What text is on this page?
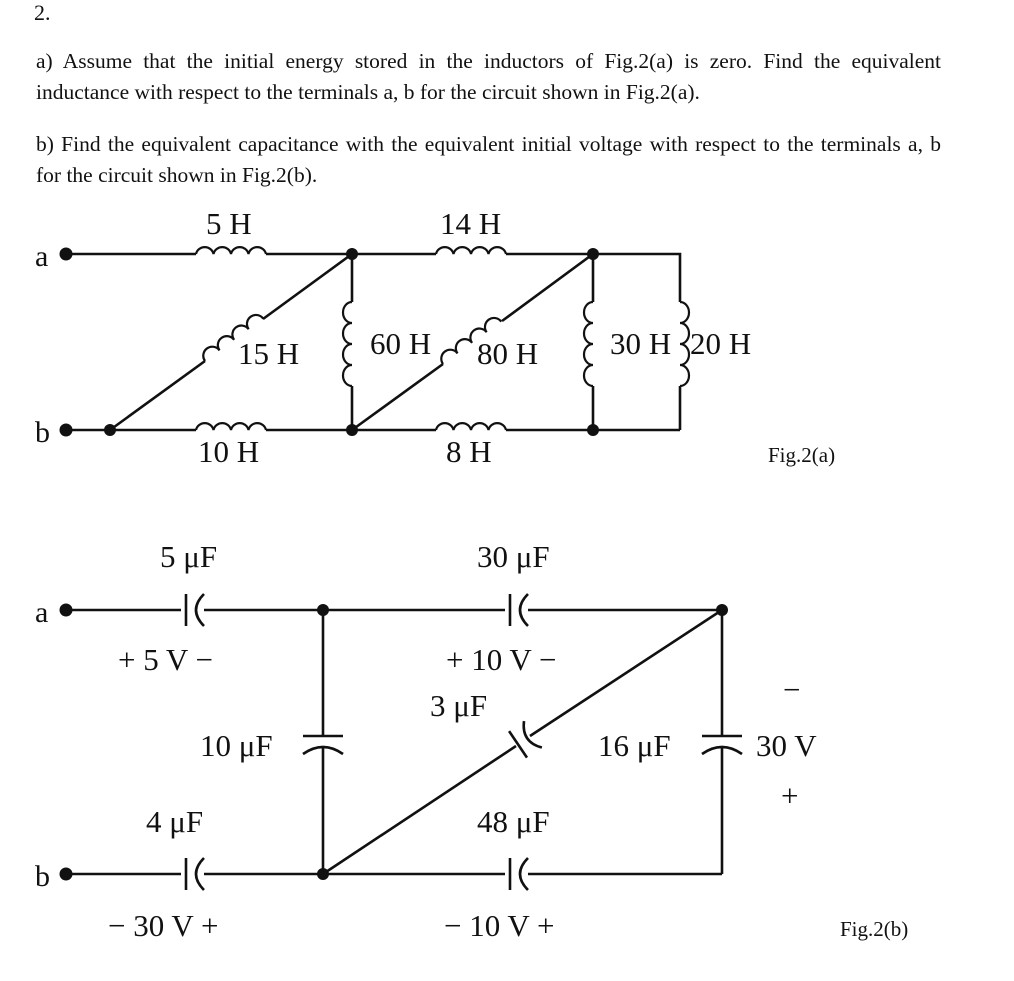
2.
a) Assume that the initial energy stored in the inductors of Fig.2(a) is zero. Find the equivalent inductance with respect to the terminals a, b for the circuit shown in Fig.2(a).
b) Find the equivalent capacitance with the equivalent initial voltage with respect to the terminals a, b for the circuit shown in Fig.2(b).
a
b
5 H	14 H
15 H 60 H 80 H 30 H 20 H
10 H	8 H	Fig.2(a)
a
b
5 μF	30 μF
+ 5 V −	+ 10 V −
3 μF
10 μF	16 μF
−
30 V
+
4 μF	48 μF
− 30 V +	− 10 V +	Fig.2(b)
